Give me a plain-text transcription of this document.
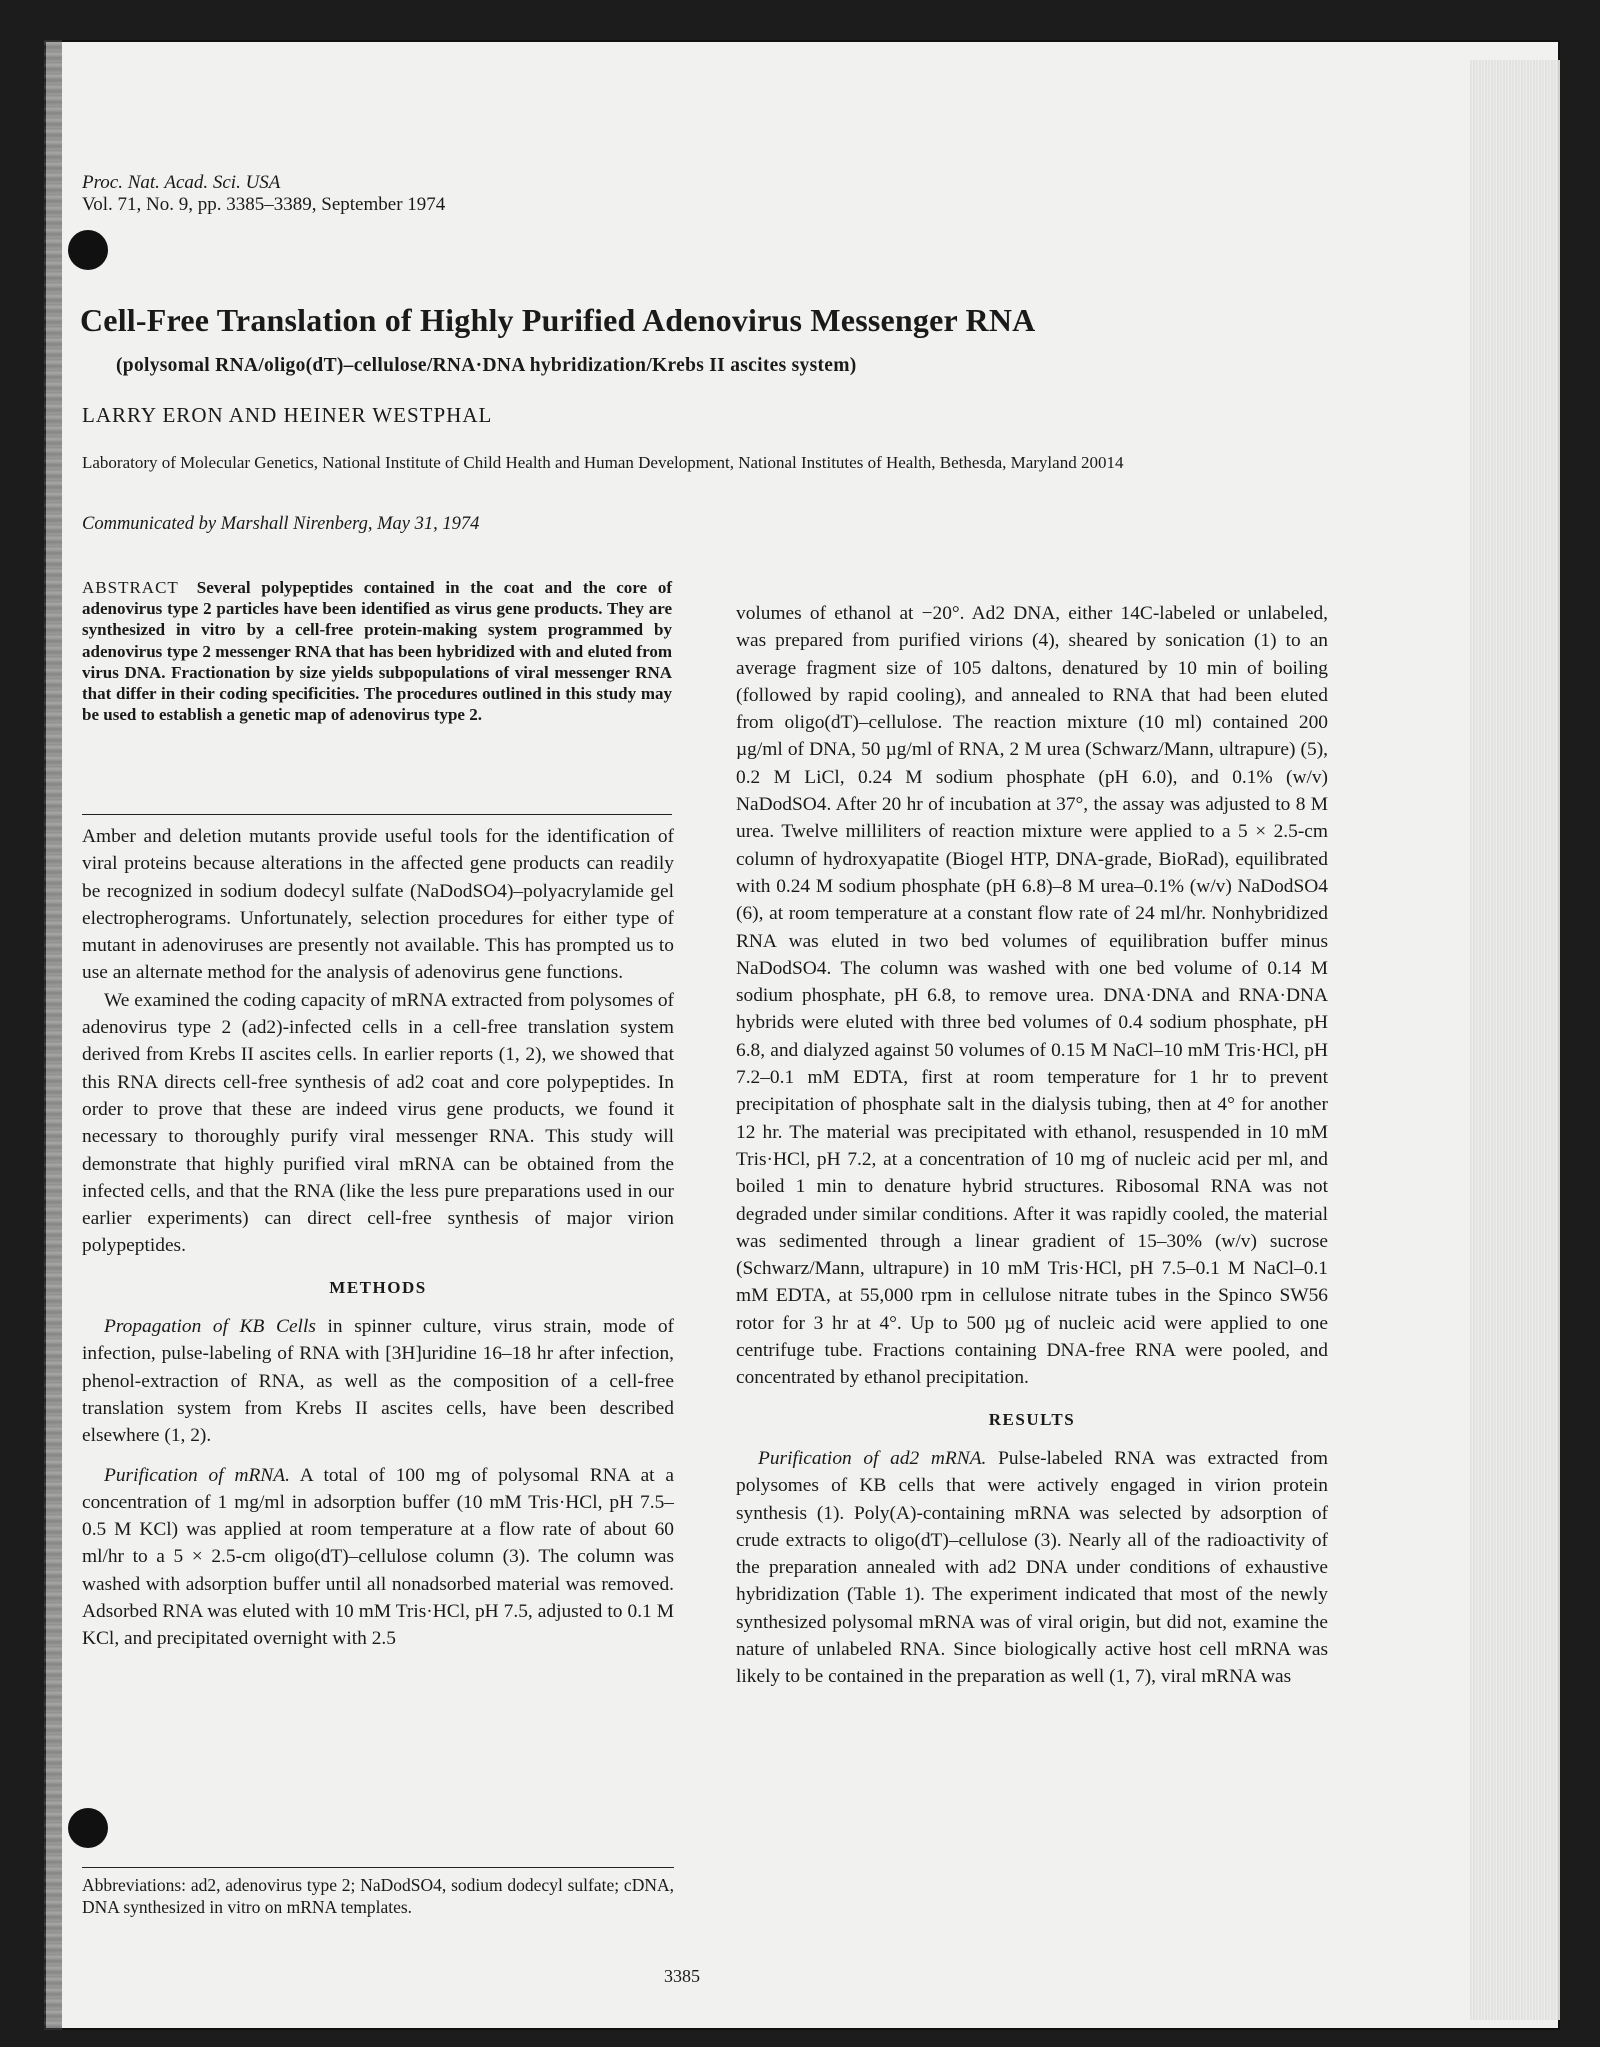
Proc. Nat. Acad. Sci. USA
Vol. 71, No. 9, pp. 3385–3389, September 1974
Cell-Free Translation of Highly Purified Adenovirus Messenger RNA
(polysomal RNA/oligo(dT)–cellulose/RNA·DNA hybridization/Krebs II ascites system)
LARRY ERON AND HEINER WESTPHAL
Laboratory of Molecular Genetics, National Institute of Child Health and Human Development, National Institutes of Health, Bethesda, Maryland 20014
Communicated by Marshall Nirenberg, May 31, 1974
ABSTRACT Several polypeptides contained in the coat and the core of adenovirus type 2 particles have been identified as virus gene products. They are synthesized in vitro by a cell-free protein-making system programmed by adenovirus type 2 messenger RNA that has been hybridized with and eluted from virus DNA. Fractionation by size yields subpopulations of viral messenger RNA that differ in their coding specificities. The procedures outlined in this study may be used to establish a genetic map of adenovirus type 2.

Amber and deletion mutants provide useful tools for the identification of viral proteins because alterations in the affected gene products can readily be recognized in sodium dodecyl sulfate (NaDodSO4)–polyacrylamide gel electropherograms. Unfortunately, selection procedures for either type of mutant in adenoviruses are presently not available. This has prompted us to use an alternate method for the analysis of adenovirus gene functions.

We examined the coding capacity of mRNA extracted from polysomes of adenovirus type 2 (ad2)-infected cells in a cell-free translation system derived from Krebs II ascites cells. In earlier reports (1, 2), we showed that this RNA directs cell-free synthesis of ad2 coat and core polypeptides. In order to prove that these are indeed virus gene products, we found it necessary to thoroughly purify viral messenger RNA. This study will demonstrate that highly purified viral mRNA can be obtained from the infected cells, and that the RNA (like the less pure preparations used in our earlier experiments) can direct cell-free synthesis of major virion polypeptides.

METHODS

Propagation of KB Cells in spinner culture, virus strain, mode of infection, pulse-labeling of RNA with [3H]uridine 16–18 hr after infection, phenol-extraction of RNA, as well as the composition of a cell-free translation system from Krebs II ascites cells, have been described elsewhere (1, 2).

Purification of mRNA. A total of 100 mg of polysomal RNA at a concentration of 1 mg/ml in adsorption buffer (10 mM Tris·HCl, pH 7.5–0.5 M KCl) was applied at room temperature at a flow rate of about 60 ml/hr to a 5 × 2.5-cm oligo(dT)–cellulose column (3). The column was washed with adsorption buffer until all nonadsorbed material was removed. Adsorbed RNA was eluted with 10 mM Tris·HCl, pH 7.5, adjusted to 0.1 M KCl, and precipitated overnight with 2.5

Abbreviations: ad2, adenovirus type 2; NaDodSO4, sodium dodecyl sulfate; cDNA, DNA synthesized in vitro on mRNA templates.

volumes of ethanol at −20°. Ad2 DNA, either 14C-labeled or unlabeled, was prepared from purified virions (4), sheared by sonication (1) to an average fragment size of 105 daltons, denatured by 10 min of boiling (followed by rapid cooling), and annealed to RNA that had been eluted from oligo(dT)–cellulose. The reaction mixture (10 ml) contained 200 µg/ml of DNA, 50 µg/ml of RNA, 2 M urea (Schwarz/Mann, ultrapure) (5), 0.2 M LiCl, 0.24 M sodium phosphate (pH 6.0), and 0.1% (w/v) NaDodSO4. After 20 hr of incubation at 37°, the assay was adjusted to 8 M urea. Twelve milliliters of reaction mixture were applied to a 5 × 2.5-cm column of hydroxyapatite (Biogel HTP, DNA-grade, BioRad), equilibrated with 0.24 M sodium phosphate (pH 6.8)–8 M urea–0.1% (w/v) NaDodSO4 (6), at room temperature at a constant flow rate of 24 ml/hr. Nonhybridized RNA was eluted in two bed volumes of equilibration buffer minus NaDodSO4. The column was washed with one bed volume of 0.14 M sodium phosphate, pH 6.8, to remove urea. DNA·DNA and RNA·DNA hybrids were eluted with three bed volumes of 0.4 sodium phosphate, pH 6.8, and dialyzed against 50 volumes of 0.15 M NaCl–10 mM Tris·HCl, pH 7.2–0.1 mM EDTA, first at room temperature for 1 hr to prevent precipitation of phosphate salt in the dialysis tubing, then at 4° for another 12 hr. The material was precipitated with ethanol, resuspended in 10 mM Tris·HCl, pH 7.2, at a concentration of 10 mg of nucleic acid per ml, and boiled 1 min to denature hybrid structures. Ribosomal RNA was not degraded under similar conditions. After it was rapidly cooled, the material was sedimented through a linear gradient of 15–30% (w/v) sucrose (Schwarz/Mann, ultrapure) in 10 mM Tris·HCl, pH 7.5–0.1 M NaCl–0.1 mM EDTA, at 55,000 rpm in cellulose nitrate tubes in the Spinco SW56 rotor for 3 hr at 4°. Up to 500 µg of nucleic acid were applied to one centrifuge tube. Fractions containing DNA-free RNA were pooled, and concentrated by ethanol precipitation.

RESULTS

Purification of ad2 mRNA. Pulse-labeled RNA was extracted from polysomes of KB cells that were actively engaged in virion protein synthesis (1). Poly(A)-containing mRNA was selected by adsorption of crude extracts to oligo(dT)–cellulose (3). Nearly all of the radioactivity of the preparation annealed with ad2 DNA under conditions of exhaustive hybridization (Table 1). The experiment indicated that most of the newly synthesized polysomal mRNA was of viral origin, but did not, examine the nature of unlabeled RNA. Since biologically active host cell mRNA was likely to be contained in the preparation as well (1, 7), viral mRNA was

3385
